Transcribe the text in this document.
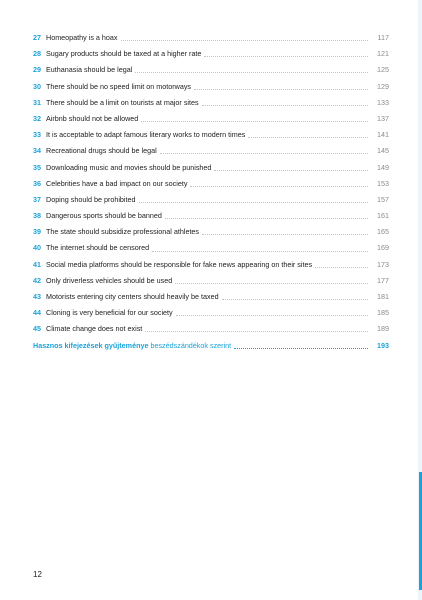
27 Homeopathy is a hoax	117
28 Sugary products should be taxed at a higher rate	121
29 Euthanasia should be legal	125
30 There should be no speed limit on motorways	129
31 There should be a limit on tourists at major sites	133
32 Airbnb should not be allowed	137
33 It is acceptable to adapt famous literary works to modern times	141
34 Recreational drugs should be legal	145
35 Downloading music and movies should be punished	149
36 Celebrities have a bad impact on our society	153
37 Doping should be prohibited	157
38 Dangerous sports should be banned	161
39 The state should subsidize professional athletes	165
40 The internet should be censored	169
41 Social media platforms should be responsible for fake news appearing on their sites	173
42 Only driverless vehicles should be used	177
43 Motorists entering city centers should heavily be taxed	181
44 Cloning is very beneficial for our society	185
45 Climate change does not exist	189
Hasznos kifejezések gyűjteménye beszédszándékok szerint	193
12
